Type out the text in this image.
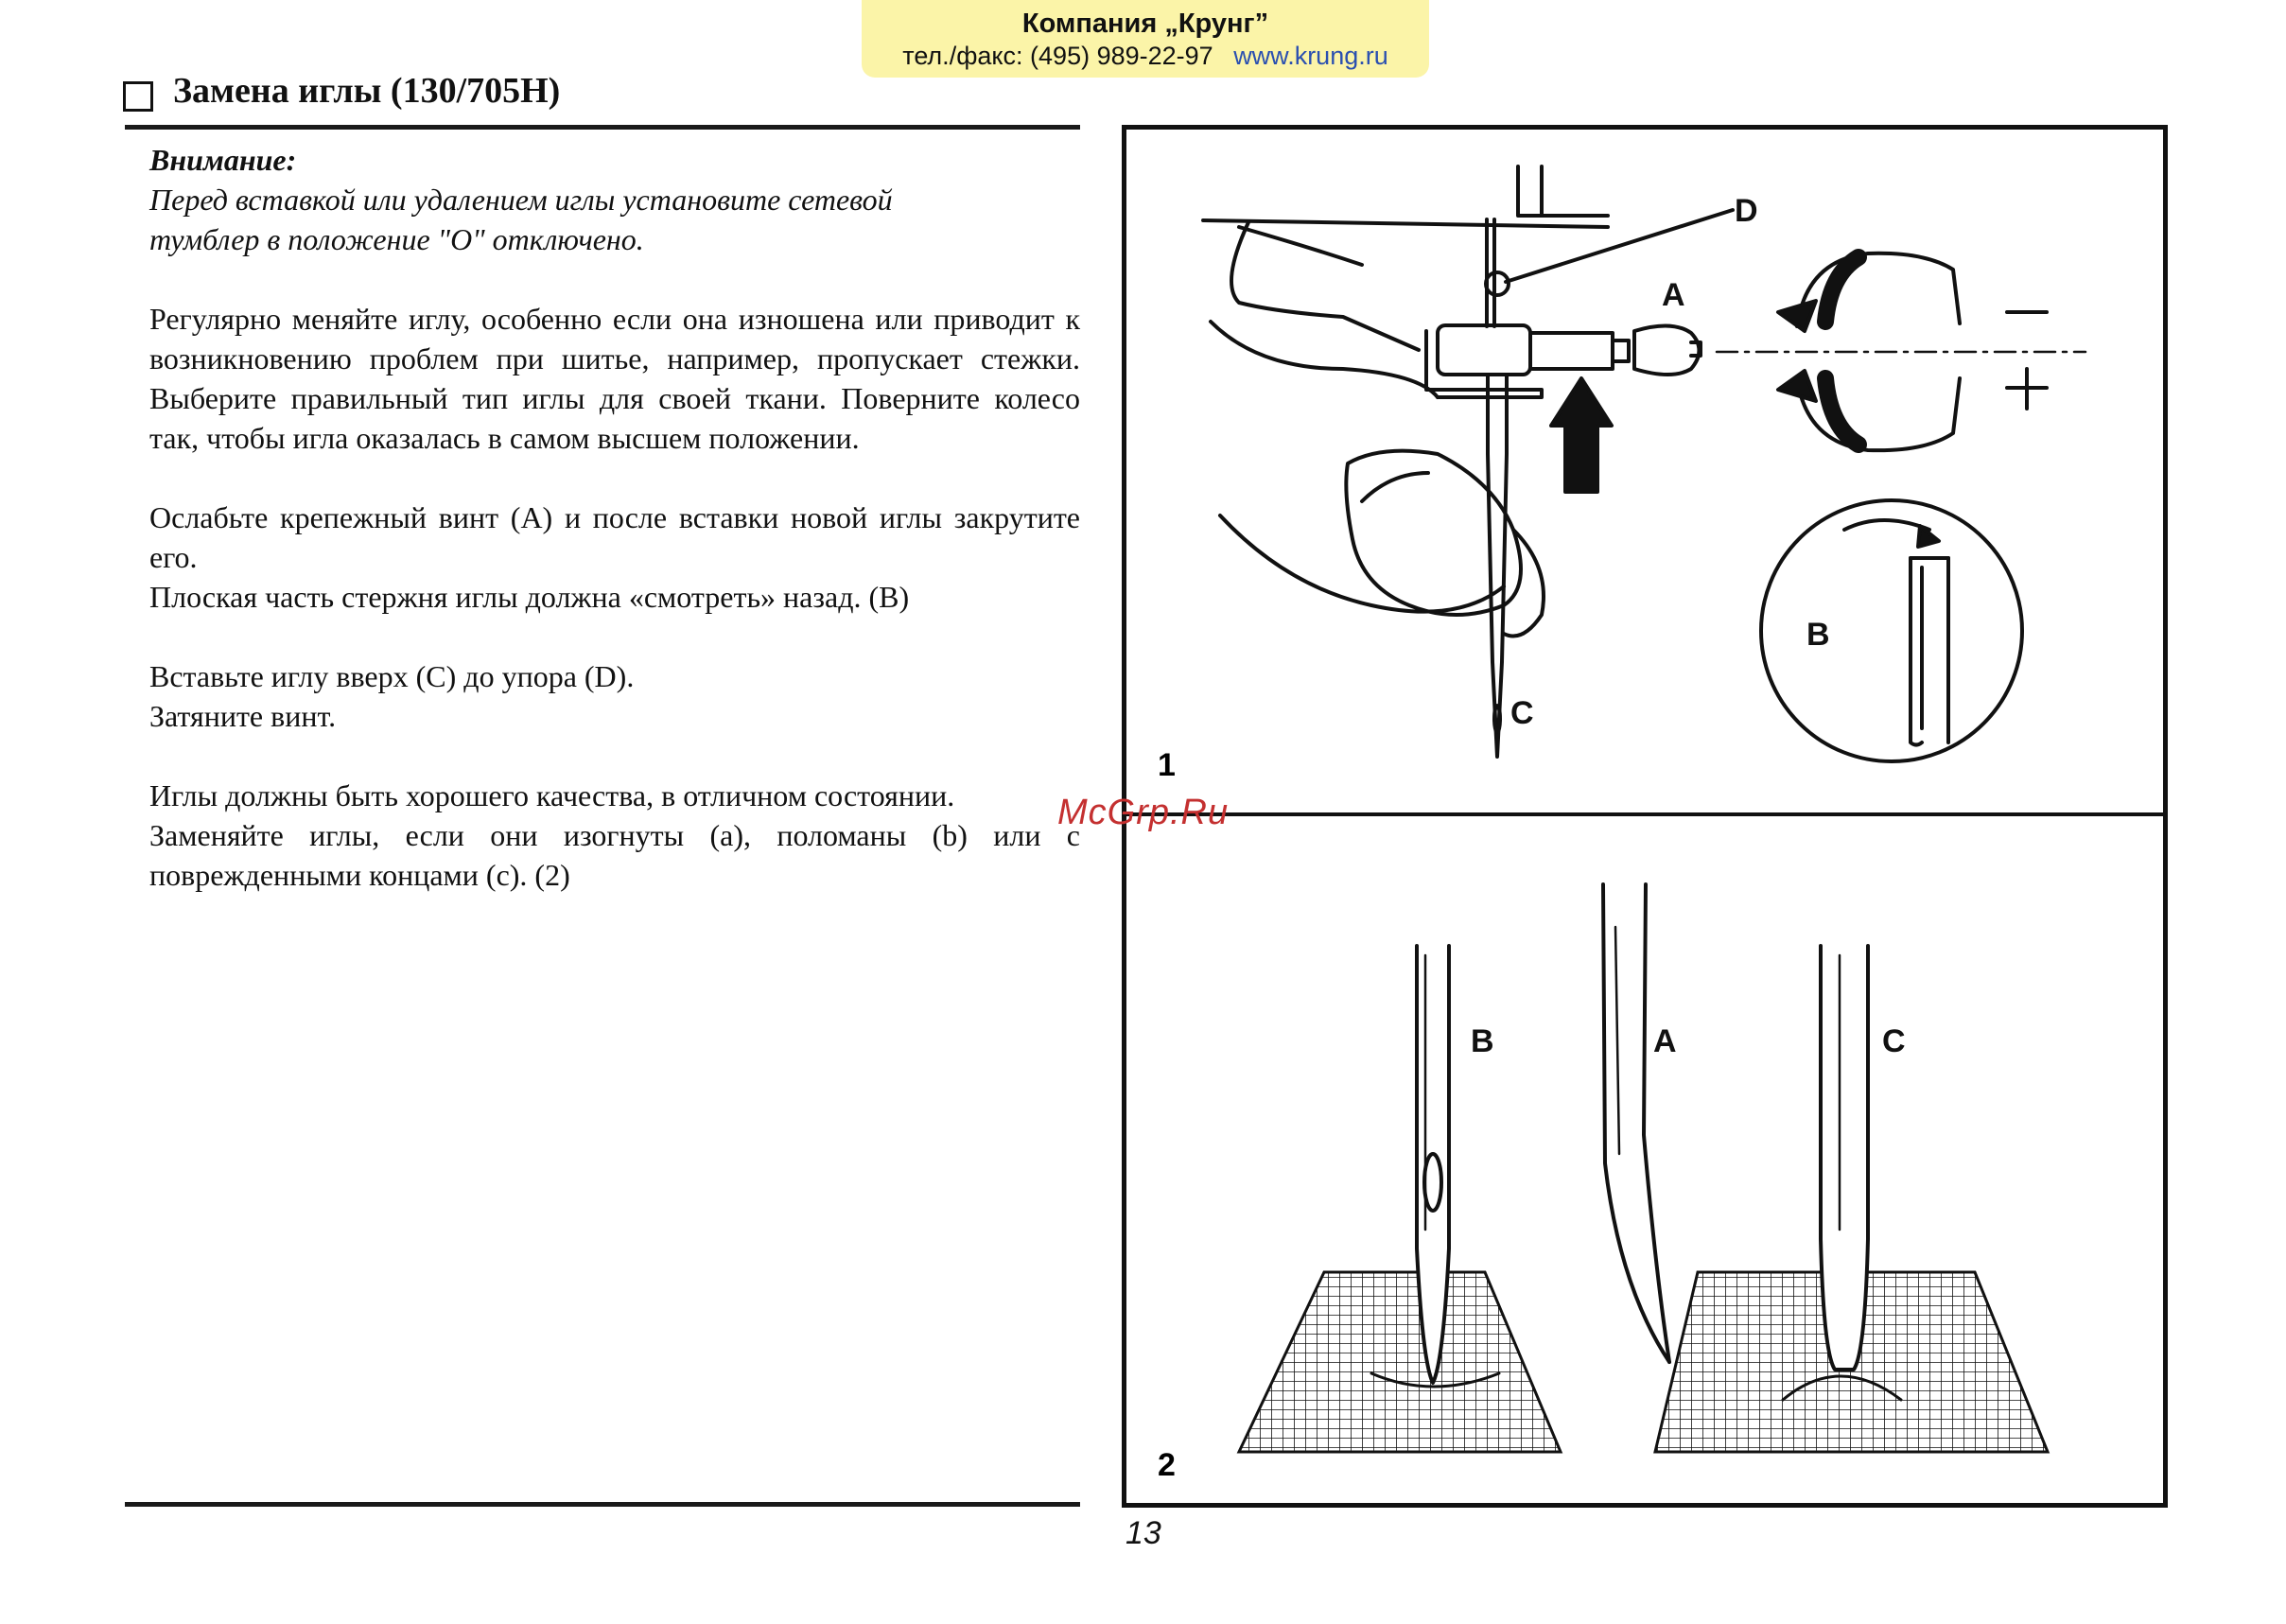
Компания „Крунг”
тел./факс: (495) 989-22-97 www.krung.ru
Замена иглы (130/705H)

Внимание:

Перед вставкой или удалением иглы установите сетевой
тумблер в положение "O" отключено.

Регулярно меняйте иглу, особенно если она изношена или приводит к возникновению проблем при шитье, например, пропускает стежки. Выберите правильный тип иглы для своей ткани. Поверните колесо так, чтобы игла оказалась в самом высшем положении.

Ослабьте крепежный винт (A) и после вставки новой иглы закрутите его.
Плоская часть стержня иглы должна «смотреть» назад. (B)

Вставьте иглу вверх (C) до упора (D).
Затяните винт.

Иглы должны быть хорошего качества, в отличном состоянии.
Заменяйте иглы, если они изогнуты (a), поломаны (b) или с поврежденными концами (c). (2)

D
A
B
C
1
B	A	C
2
McGrp.Ru
13
